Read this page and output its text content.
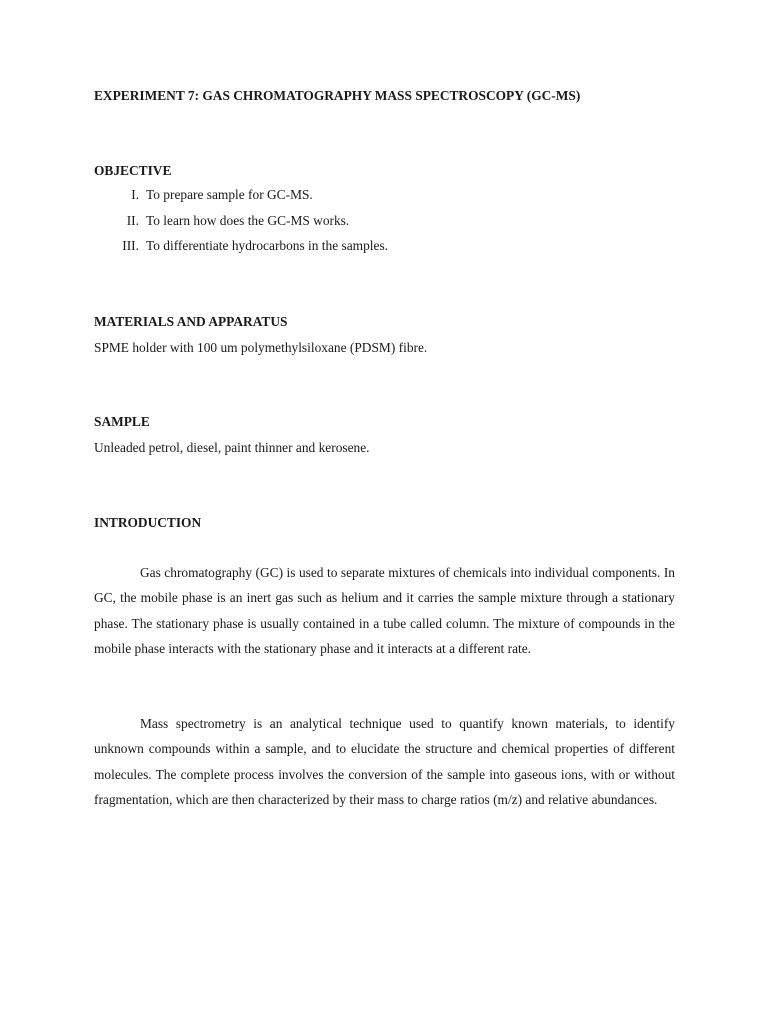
EXPERIMENT 7: GAS CHROMATOGRAPHY MASS SPECTROSCOPY (GC-MS)
OBJECTIVE
I. To prepare sample for GC-MS.
II. To learn how does the GC-MS works.
III. To differentiate hydrocarbons in the samples.
MATERIALS AND APPARATUS
SPME holder with 100 um polymethylsiloxane (PDSM) fibre.
SAMPLE
Unleaded petrol, diesel, paint thinner and kerosene.
INTRODUCTION

Gas chromatography (GC) is used to separate mixtures of chemicals into individual components. In GC, the mobile phase is an inert gas such as helium and it carries the sample mixture through a stationary phase. The stationary phase is usually contained in a tube called column. The mixture of compounds in the mobile phase interacts with the stationary phase and it interacts at a different rate.

Mass spectrometry is an analytical technique used to quantify known materials, to identify unknown compounds within a sample, and to elucidate the structure and chemical properties of different molecules. The complete process involves the conversion of the sample into gaseous ions, with or without fragmentation, which are then characterized by their mass to charge ratios (m/z) and relative abundances.
